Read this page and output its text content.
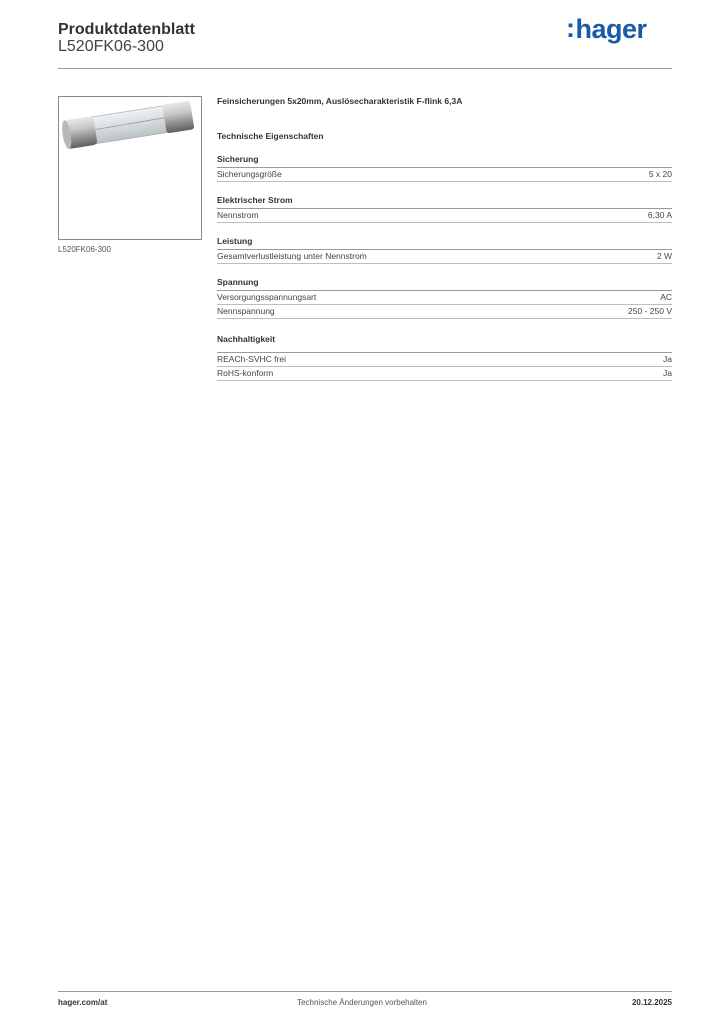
Produktdatenblatt
L520FK06-300
:hager
L520FK06-300
Feinsicherungen 5x20mm, Auslösecharakteristik F-flink 6,3A
Technische Eigenschaften
Sicherung
Sicherungsgröße	5 x 20
Elektrischer Strom
Nennstrom	6,30 A
Leistung
Gesamtverlustleistung unter Nennstrom	2 W
Spannung
Versorgungsspannungsart	AC
Nennspannung	250 - 250 V
Nachhaltigkeit
REACh-SVHC frei	Ja
RoHS-konform	Ja
hager.com/at	Technische Änderungen vorbehalten	20.12.2025
